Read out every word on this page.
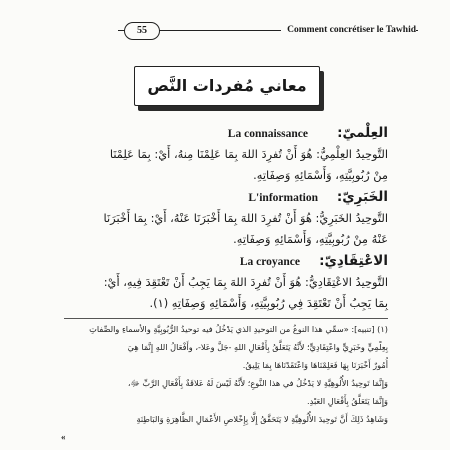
55	Comment concrétiser le Tawhid
معاني مُفردات النَّص
العِلْميّ:
La connaissance
التَّوحِيدُ العِلْمِيُّ: هُوَ أَنْ تُفرِدَ اللهَ بِمَا عَلِمْنَا مِنهُ، أَيْ: بِمَا عَلِمْنَا
مِنْ رُبُوبِيَّتِهِ، وَأَسْمَائِهِ وَصِفَاتِهِ.
الخَبَرِيّ:
L'information
التَّوحِيدُ الخَبَرِيُّ: هُوَ أَنْ تُفرِدَ اللهَ بِمَا أَخْبَرَنَا عَنْهُ، أَيْ: بِمَا أَخْبَرَنَا
عَنْهُ مِنْ رُبُوبِيَّتِهِ، وَأَسْمَائِهِ وَصِفَاتِهِ.
الاعْتِقَادِيّ:
La croyance
التَّوحِيدُ الاعْتِقَادِيُّ: هُوَ أَنْ تُفرِدَ اللهَ بِمَا يَجِبُ أَنْ تَعْتَقِدَ فِيهِ، أَيْ:
بِمَا يَجِبُ أَنْ تَعْتَقِدَ فِي رُبُوبِيَّتِهِ، وَأَسْمَائِهِ وَصِفَاتِهِ (١).
(١) [تنبيه]: «سمِّي هذا النوعُ من التوحيدِ الذي يَدْخُلُ فيه توحيدُ الرُّبُوبِيَّةِ والأسماءِ والصِّفاتِ
بِعِلْمِيٍّ وخَبَرِيٍّ واعْتِقَادِيٍّ؛ لأَنَّهُ يَتَعَلَّقُ بِأَفْعَالِ اللهِ -جَلَّ وعَلا-، وأَفْعَالُ اللهِ إِنَّمَا هِيَ
أُمُورٌ أَخْبَرَنَا بِهَا فَعَلِمْنَاهَا وَاعْتَقَدْنَاهَا بِمَا يَلِيقُ.
وَإِنَّمَا تَوحِيدُ الأُلُوهِيَّةِ لا يَدْخُلُ في هذا النَّوعِ؛ لأَنَّهُ لَيْسَ لَهُ عَلاقَةٌ بِأَفْعَالِ الرَّبِّ ﷻ،
وَإِنَّمَا يَتَعَلَّقُ بِأَفْعَالِ العَبْدِ.
وَشَاهِدُ ذَلِكَ أَنَّ تَوحِيدَ الأُلُوهِيَّةِ لا يَتَحَقَّقُ إِلَّا بِإِخْلاصِ الأَعْمَالِ الظَّاهِرَةِ وَالبَاطِنَةِ
«
